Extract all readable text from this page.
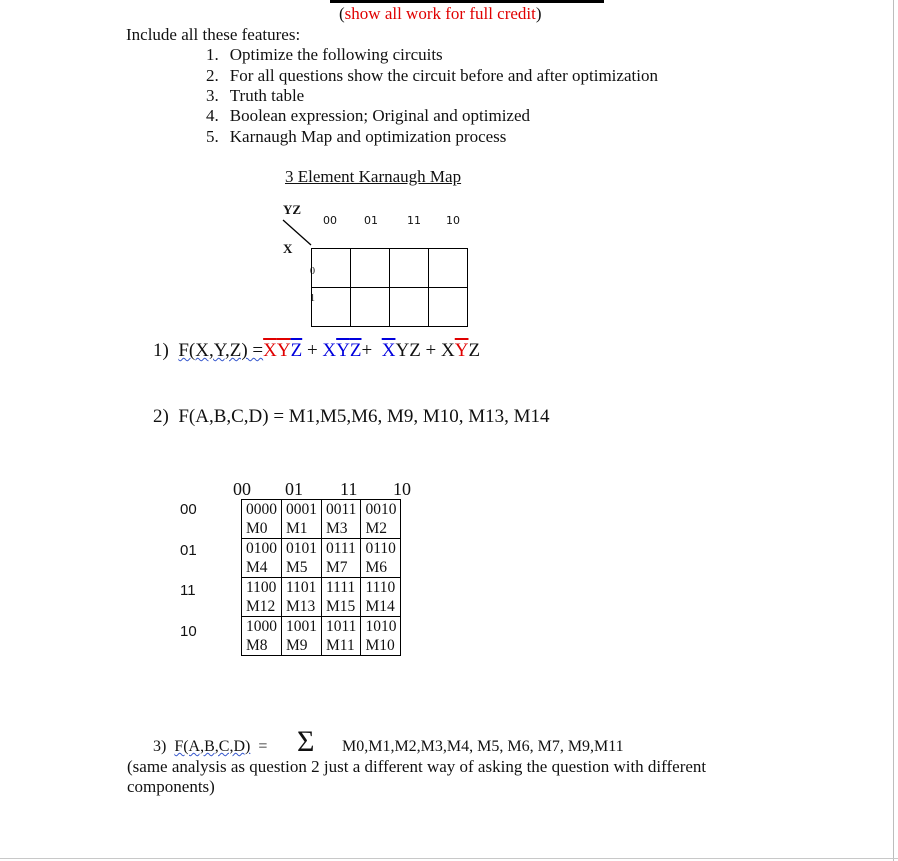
(show all work for full credit)
Include all these features:
1. Optimize the following circuits
2. For all questions show the circuit before and after optimization
3. Truth table
4. Boolean expression; Original and optimized
5. Karnaugh Map and optimization process
3 Element Karnaugh Map
YZ
X
00 01	11 10
0
1

1) $F(X,Y,Z) =\overline{X}\overline{Y}\overline{Z} + X\overline{Y}\overline{Z}+ \overline{X}YZ + X\overline{Y}Z$
2) F(A,B,C,D) = M1,M5,M6, M9, M10, M13, M14
00 01 11 10
00
01
11
10
0000	0001	0011	0010
M0	M1	M3	M2
0100	0101	0111	0110
M4	M5	M7	M6
1100	1101	1111	1110
M12	M13	M15	M14
1000	1001	1011	1010
M8	M9	M11	M10
3) F(A,B,C,D) = Σ M0,M1,M2,M3,M4, M5, M6, M7, M9,M11
(same analysis as question 2 just a different way of asking the question with different
components)
